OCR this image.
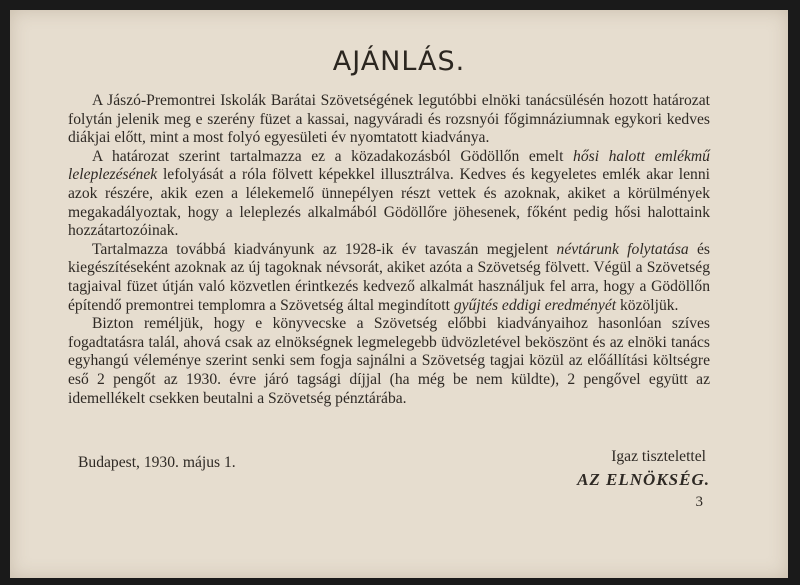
AJÁNLÁS.

A Jászó-Premontrei Iskolák Barátai Szövetségének legutóbbi elnöki tanácsülésén hozott határozat folytán jelenik meg e szerény füzet a kassai, nagyváradi és rozsnyói főgimnáziumnak egykori kedves diákjai előtt, mint a most folyó egyesületi év nyomtatott kiadványa.

A határozat szerint tartalmazza ez a közadakozásból Gödöllőn emelt hősi halott emlékmű leleplezésének lefolyását a róla fölvett képekkel illusztrálva. Kedves és kegyeletes emlék akar lenni azok részére, akik ezen a lélekemelő ünnepélyen részt vettek és azoknak, akiket a körülmények megakadályoztak, hogy a leleplezés alkalmából Gödöllőre jöhesenek, főként pedig hősi halottaink hozzátartozóinak.

Tartalmazza továbbá kiadványunk az 1928-ik év tavaszán megjelent névtárunk folytatása és kiegészítéseként azoknak az új tagoknak névsorát, akiket azóta a Szövetség fölvett. Végül a Szövetség tagjaival füzet útján való közvetlen érintkezés kedvező alkalmát használjuk fel arra, hogy a Gödöllőn építendő premontrei templomra a Szövetség által megindított gyűjtés eddigi eredményét közöljük.

Bizton reméljük, hogy e könyvecske a Szövetség előbbi kiadványaihoz hasonlóan szíves fogadtatásra talál, ahová csak az elnökségnek legmelegebb üdvözletével beköszönt és az elnöki tanács egyhangú véleménye szerint senki sem fogja sajnálni a Szövetség tagjai közül az előállítási költségre eső 2 pengőt az 1930. évre járó tagsági díjjal (ha még be nem küldte), 2 pengővel együtt az idemellékelt csekken beutalni a Szövetség pénztárába.

Budapest, 1930. május 1.	Igaz tisztelettel
AZ ELNÖKSÉG.
3
